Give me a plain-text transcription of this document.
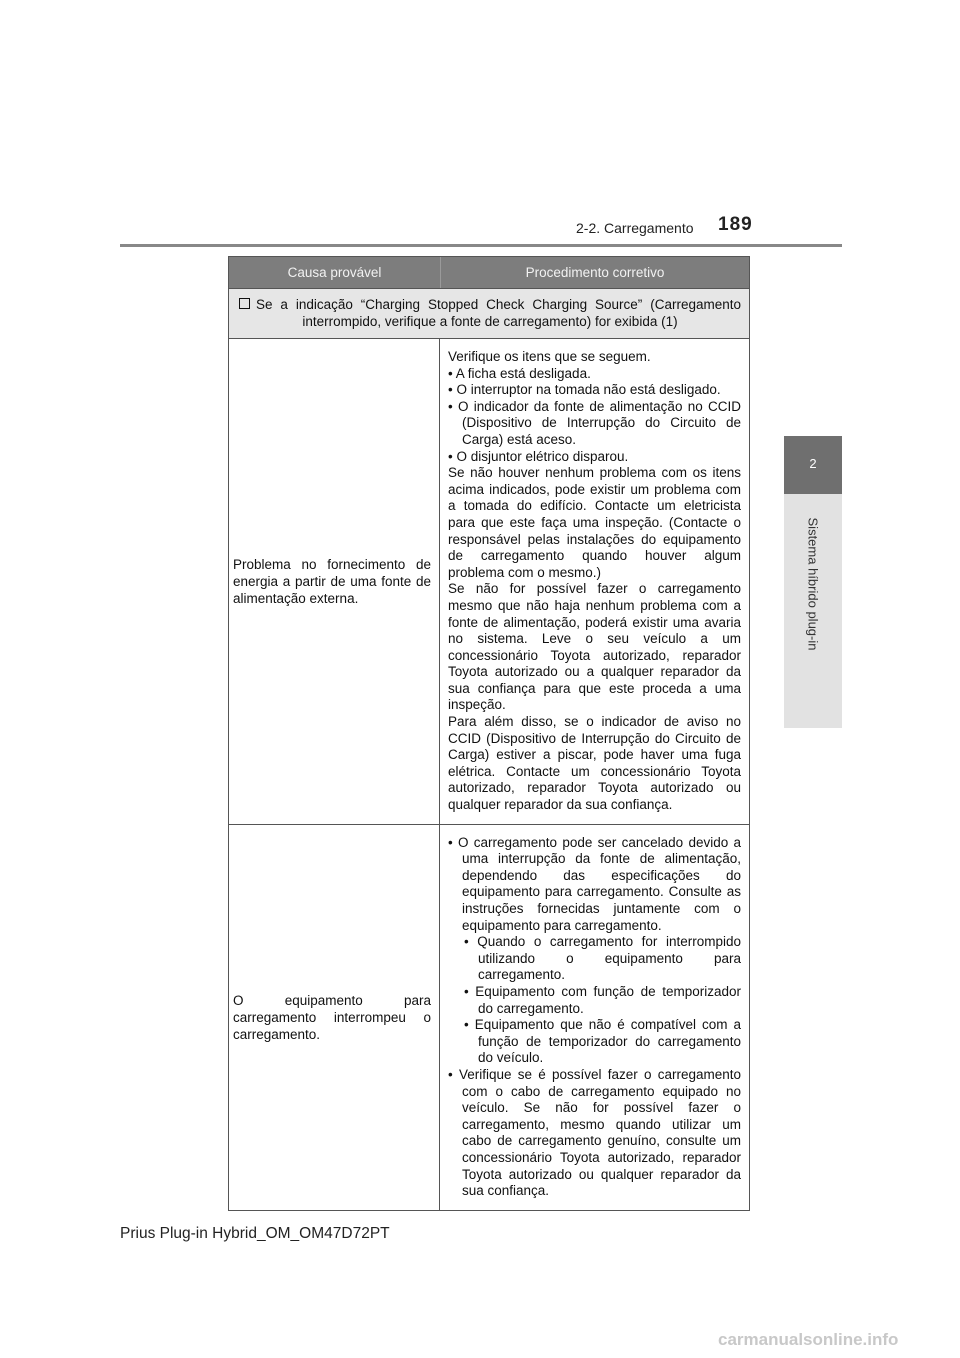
2-2. Carregamento 189
2
Sistema híbrido plug-in
Causa provável	Procedimento corretivo
Se a indicação “Charging Stopped Check Charging Source” (Carregamento interrompido, verifique a fonte de carregamento) for exibida (1)
Problema no fornecimento de energia a partir de uma fonte de alimentação externa.

Verifique os itens que se seguem.

• A ficha está desligada.

• O interruptor na tomada não está desligado.

• O indicador da fonte de alimentação no CCID (Dispositivo de Interrupção do Circuito de Carga) está aceso.

• O disjuntor elétrico disparou.

Se não houver nenhum problema com os itens acima indicados, pode existir um problema com a tomada do edifício. Contacte um eletricista para que este faça uma inspeção. (Contacte o responsável pelas instalações do equipamento de carregamento quando houver algum problema com o mesmo.)

Se não for possível fazer o carregamento mesmo que não haja nenhum problema com a fonte de alimentação, poderá existir uma avaria no sistema. Leve o seu veículo a um concessionário Toyota autorizado, reparador Toyota autorizado ou a qualquer reparador da sua confiança para que este proceda a uma inspeção.

Para além disso, se o indicador de aviso no CCID (Dispositivo de Interrupção do Circuito de Carga) estiver a piscar, pode haver uma fuga elétrica. Contacte um concessionário Toyota autorizado, reparador Toyota autorizado ou qualquer reparador da sua confiança.

O equipamento para carregamento interrompeu o carregamento.

• O carregamento pode ser cancelado devido a uma interrupção da fonte de alimentação, dependendo das especificações do equipamento para carregamento. Consulte as instruções fornecidas juntamente com o equipamento para carregamento.

• Quando o carregamento for interrompido utilizando o equipamento para carregamento.

• Equipamento com função de temporizador do carregamento.

• Equipamento que não é compatível com a função de temporizador do carregamento do veículo.

• Verifique se é possível fazer o carregamento com o cabo de carregamento equipado no veículo. Se não for possível fazer o carregamento, mesmo quando utilizar um cabo de carregamento genuíno, consulte um concessionário Toyota autorizado, reparador Toyota autorizado ou qualquer reparador da sua confiança.

Prius Plug-in Hybrid_OM_OM47D72PT
carmanualsonline.info
